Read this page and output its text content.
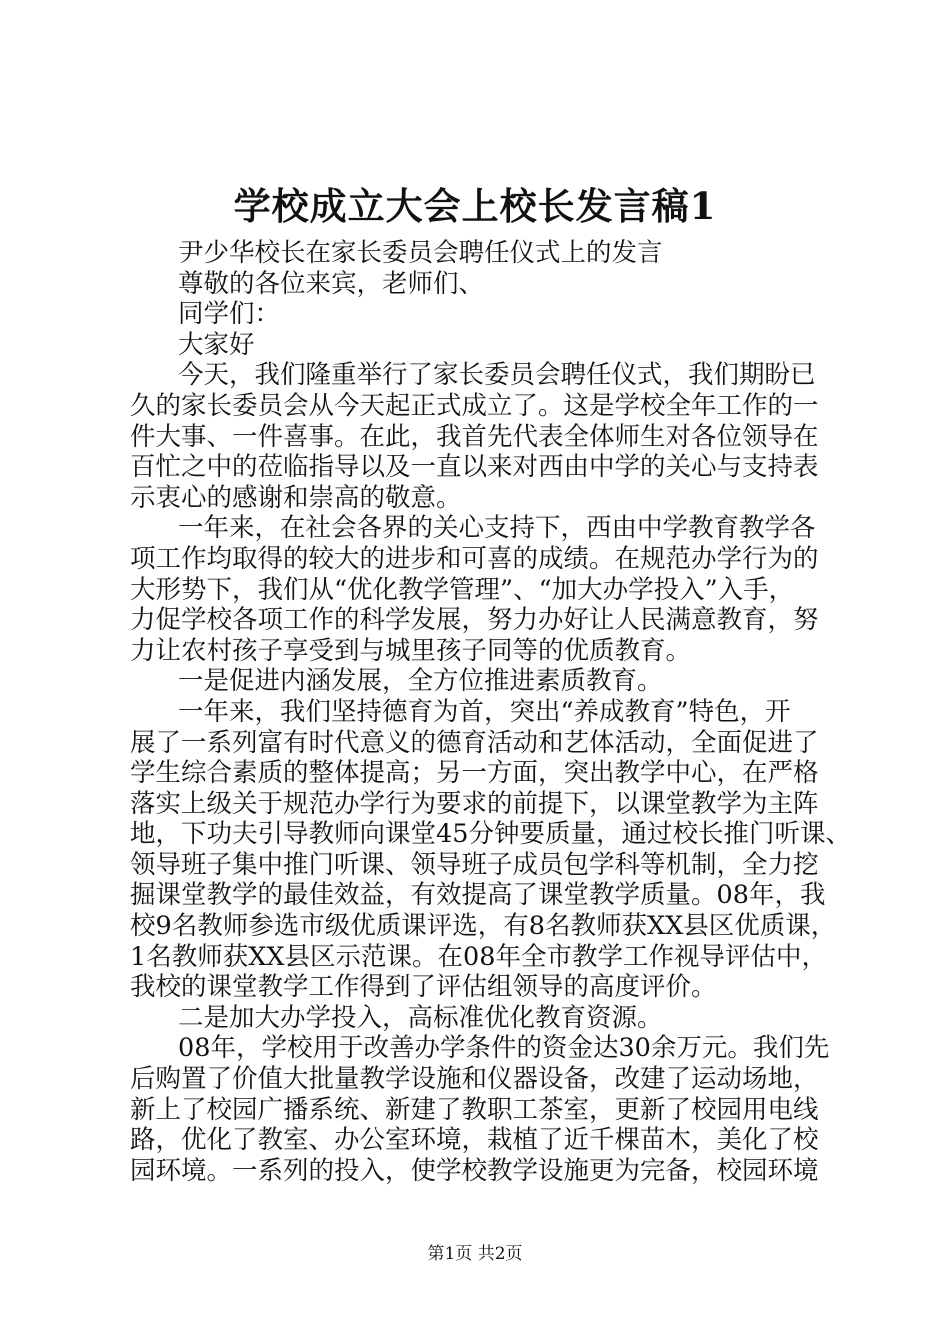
学校成立大会上校长发言稿1
尹少华校长在家长委员会聘任仪式上的发言
尊敬的各位来宾，老师们、
同学们：
大家好
今天，我们隆重举行了家长委员会聘任仪式，我们期盼已
久的家长委员会从今天起正式成立了。这是学校全年工作的一
件大事、一件喜事。在此，我首先代表全体师生对各位领导在
百忙之中的莅临指导以及一直以来对西由中学的关心与支持表
示衷心的感谢和崇高的敬意。
一年来，在社会各界的关心支持下，西由中学教育教学各
项工作均取得的较大的进步和可喜的成绩。在规范办学行为的
大形势下，我们从“优化教学管理”、“加大办学投入”入手，
力促学校各项工作的科学发展，努力办好让人民满意教育，努
力让农村孩子享受到与城里孩子同等的优质教育。
一是促进内涵发展，全方位推进素质教育。
一年来，我们坚持德育为首，突出“养成教育”特色，开
展了一系列富有时代意义的德育活动和艺体活动，全面促进了
学生综合素质的整体提高；另一方面，突出教学中心，在严格
落实上级关于规范办学行为要求的前提下，以课堂教学为主阵
地，下功夫引导教师向课堂45分钟要质量，通过校长推门听课、
领导班子集中推门听课、领导班子成员包学科等机制，全力挖
掘课堂教学的最佳效益，有效提高了课堂教学质量。08年，我
校9名教师参选市级优质课评选，有8名教师获XX县区优质课，
1名教师获XX县区示范课。在08年全市教学工作视导评估中，
我校的课堂教学工作得到了评估组领导的高度评价。
二是加大办学投入，高标准优化教育资源。
08年，学校用于改善办学条件的资金达30余万元。我们先
后购置了价值大批量教学设施和仪器设备，改建了运动场地，
新上了校园广播系统、新建了教职工茶室，更新了校园用电线
路，优化了教室、办公室环境，栽植了近千棵苗木，美化了校
园环境。一系列的投入，使学校教学设施更为完备，校园环境
第1页 共2页
